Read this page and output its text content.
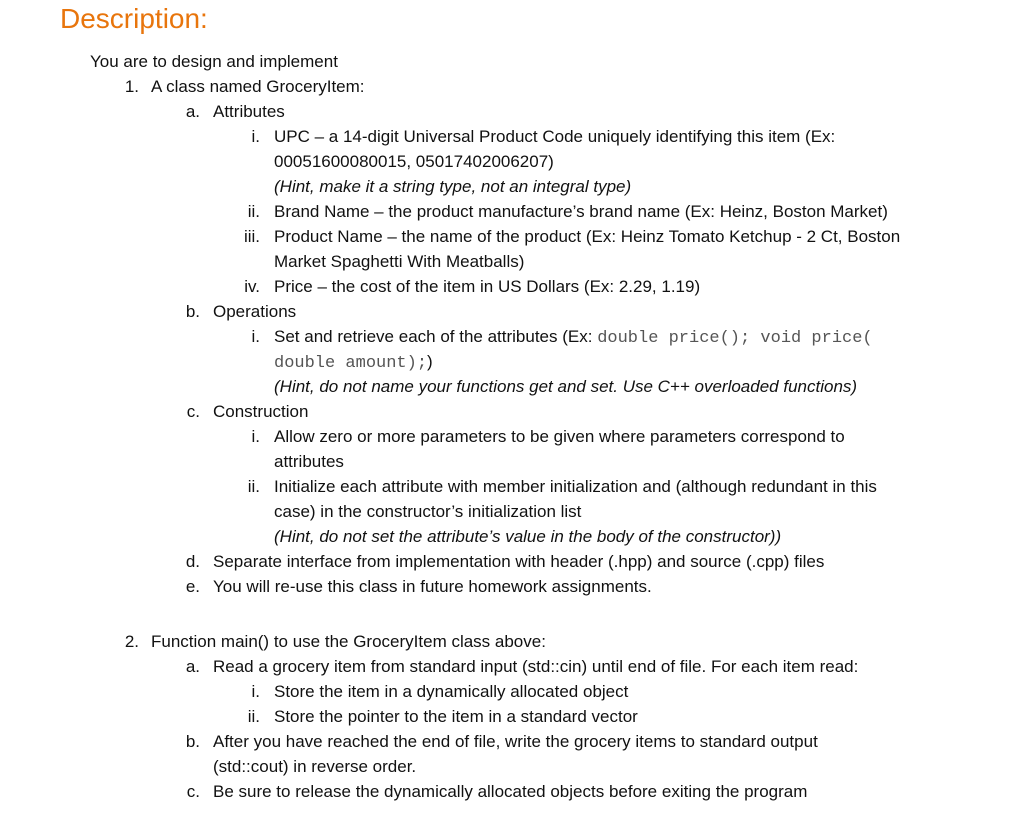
Description:
You are to design and implement
1. A class named GroceryItem:
a. Attributes
i. UPC – a 14-digit Universal Product Code uniquely identifying this item (Ex:
00051600080015, 05017402006207)
(Hint, make it a string type, not an integral type)
ii. Brand Name – the product manufacture’s brand name (Ex: Heinz, Boston Market)
iii. Product Name – the name of the product (Ex: Heinz Tomato Ketchup - 2 Ct, Boston
Market Spaghetti With Meatballs)
iv. Price – the cost of the item in US Dollars (Ex: 2.29, 1.19)
b. Operations
i. Set and retrieve each of the attributes (Ex: double price(); void price(
double amount);)
(Hint, do not name your functions get and set. Use C++ overloaded functions)
c. Construction
i. Allow zero or more parameters to be given where parameters correspond to
attributes
ii. Initialize each attribute with member initialization and (although redundant in this
case) in the constructor’s initialization list
(Hint, do not set the attribute’s value in the body of the constructor))
d. Separate interface from implementation with header (.hpp) and source (.cpp) files
e. You will re-use this class in future homework assignments.
2. Function main() to use the GroceryItem class above:
a. Read a grocery item from standard input (std::cin) until end of file. For each item read:
i. Store the item in a dynamically allocated object
ii. Store the pointer to the item in a standard vector
b. After you have reached the end of file, write the grocery items to standard output
(std::cout) in reverse order.
c. Be sure to release the dynamically allocated objects before exiting the program
